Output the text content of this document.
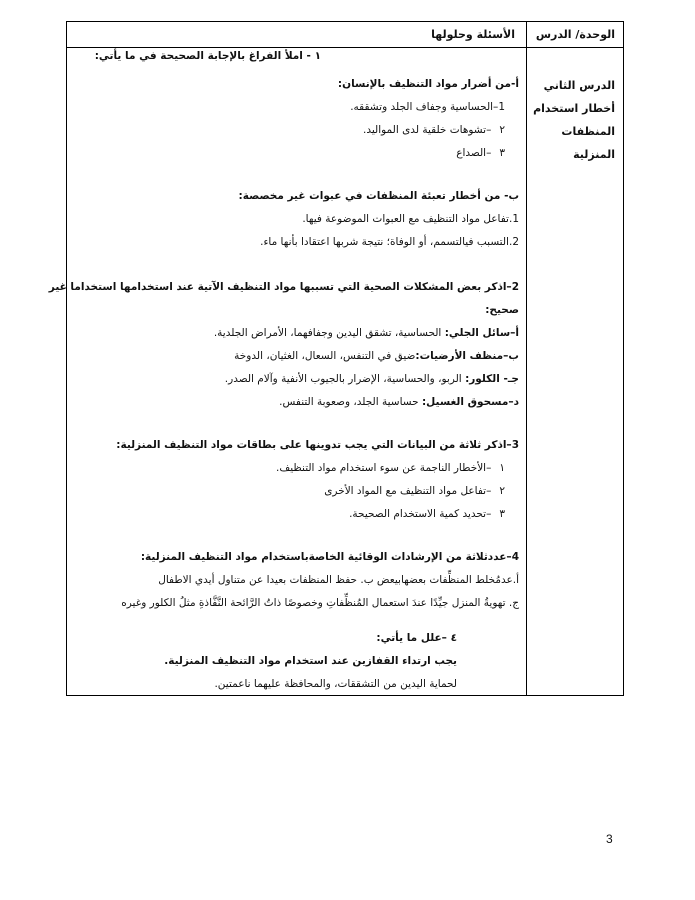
الوحدة/ الدرس
الأسئلة وحلولها
الدرس الثاني
أخطار استخدام
المنظفات المنزلية
١ - املأ الفراغ بالإجابة الصحيحة في ما يأتي:
أ-من أضرار مواد التنظيف بالإنسان:
1–الحساسية وجفاف الجلد وتشققه.
٢–تشوهات خلقية لدى المواليد.
٣–الصداع
ب- من أخطار تعبئة المنظفات في عبوات غير مخصصة:
1.تفاعل مواد التنظيف مع العبوات الموضوعة فيها.
2.التسبب فيالتسمم، أو الوفاة؛ نتيجة شربها اعتقادا بأنها ماء.
2–اذكر بعض المشكلات الصحية التي تسببها مواد التنظيف الآتية عند استخدامها استخداما غير
صحيح:
أ–سائل الجلي: الحساسية، تشقق اليدين وجفافهما، الأمراض الجلدية.
ب–منظف الأرضيات:ضيق في التنفس، السعال، الغثيان، الدوخة
جـ- الكلور: الربو، والحساسية، الإضرار بالجيوب الأنفية وآلام الصدر.
د–مسحوق الغسيل: حساسية الجلد، وصعوبة التنفس.
3–اذكر ثلاثة من البيانات التي يجب تدوينها على بطاقات مواد التنظيف المنزلية:
١–الأخطار الناجمة عن سوء استخدام مواد التنظيف.
٢–تفاعل مواد التنظيف مع المواد الأخرى
٣–تحديد كمية الاستخدام الصحيحة.
4–عددثلاثة من الإرشادات الوقائية الخاصةباستخدام مواد التنظيف المنزلية:
أ.عدمُخلط المنظِّفات بعضهابيعض ب. حفظ المنظفات بعيدا عن متناول أيدي الاطفال
ج. تهويةُ المنزل جيِّدًا عندَ استعمال المُنظِّفاتِ وخصوصًا ذاتُ الرَّائحة النَّفَّاذةِ مثلُ الكلور وغيره
٤ –علل ما يأتي:
يجب ارتداء القفازين عند استخدام مواد التنظيف المنزلية.
لحماية اليدين من التشققات، والمحافظة عليهما ناعمتين.
3
